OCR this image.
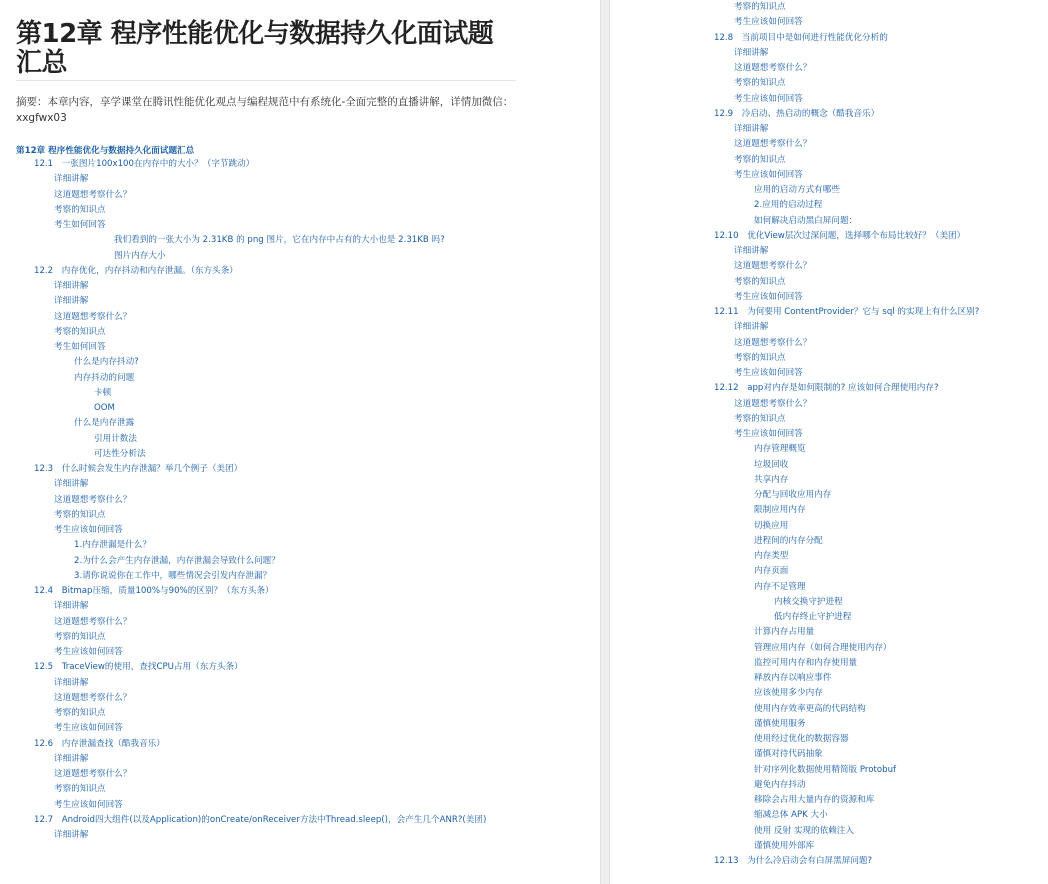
第12章 程序性能优化与数据持久化面试题汇总
摘要：本章内容，享学课堂在腾讯性能优化观点与编程规范中有系统化-全面完整的直播讲解，详情加微信：xxgfwx03
第12章 程序性能优化与数据持久化面试题汇总
12.1　一张图片100x100在内存中的大小？（字节跳动）
详细讲解
这道题想考察什么？
考察的知识点
考生如何回答
我们看到的一张大小为 2.31KB 的 png 图片，它在内存中占有的大小也是 2.31KB 吗?
图片内存大小
12.2　内存优化，内存抖动和内存泄漏。（东方头条）
详细讲解
详细讲解
这道题想考察什么？
考察的知识点
考生如何回答
什么是内存抖动?
内存抖动的问题
卡顿
OOM
什么是内存泄露
引用计数法
可达性分析法
12.3　什么时候会发生内存泄漏？举几个例子（美团）
详细讲解
这道题想考察什么？
考察的知识点
考生应该如何回答
1.内存泄漏是什么？
2.为什么会产生内存泄漏，内存泄漏会导致什么问题？
3.请你说说你在工作中，哪些情况会引发内存泄漏？
12.4　Bitmap压缩，质量100%与90%的区别？（东方头条）
详细讲解
这道题想考察什么？
考察的知识点
考生应该如何回答
12.5　TraceView的使用，查找CPU占用（东方头条）
详细讲解
这道题想考察什么？
考察的知识点
考生应该如何回答
12.6　内存泄漏查找（酷我音乐）
详细讲解
这道题想考察什么？
考察的知识点
考生应该如何回答
12.7　Android四大组件(以及Application)的onCreate/onReceiver方法中Thread.sleep()，会产生几个ANR?(美团)
详细讲解
考察的知识点
考生应该如何回答
12.8　当前项目中是如何进行性能优化分析的
详细讲解
这道题想考察什么？
考察的知识点
考生应该如何回答
12.9　冷启动、热启动的概念（酷我音乐）
详细讲解
这道题想考察什么？
考察的知识点
考生应该如何回答
应用的启动方式有哪些
2.应用的启动过程
如何解决启动黑白屏问题：
12.10　优化View层次过深问题，选择哪个布局比较好？（美团）
详细讲解
这道题想考察什么？
考察的知识点
考生应该如何回答
12.11　为何要用 ContentProvider？它与 sql 的实现上有什么区别?
详细讲解
这道题想考察什么？
考察的知识点
考生应该如何回答
12.12　app对内存是如何限制的? 应该如何合理使用内存?
这道题想考察什么？
考察的知识点
考生应该如何回答
内存管理概览
垃圾回收
共享内存
分配与回收应用内存
限制应用内存
切换应用
进程间的内存分配
内存类型
内存页面
内存不足管理
内核交换守护进程
低内存终止守护进程
计算内存占用量
管理应用内存（如何合理使用内存）
监控可用内存和内存使用量
释放内存以响应事件
应该使用多少内存
使用内存效率更高的代码结构
谨慎使用服务
使用经过优化的数据容器
谨慎对待代码抽象
针对序列化数据使用精简版 Protobuf
避免内存抖动
移除会占用大量内存的资源和库
缩减总体 APK 大小
使用 反射 实现的依赖注入
谨慎使用外部库
12.13　为什么冷启动会有白屏黑屏问题?
